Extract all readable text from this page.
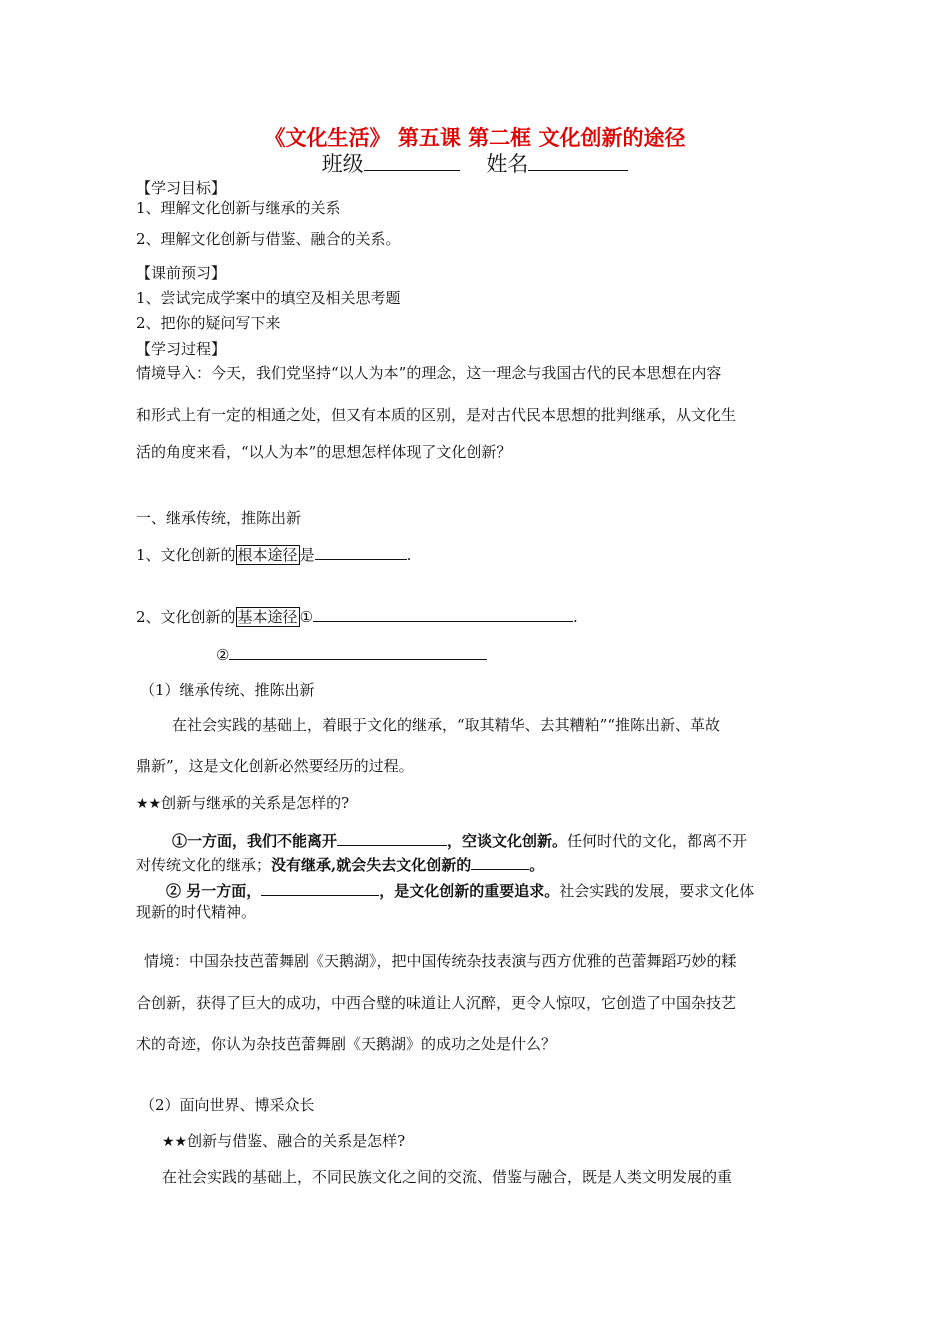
《文化生活》 第五课 第二框 文化创新的途径
班级	姓名
【学习目标】
1、理解文化创新与继承的关系
2、理解文化创新与借鉴、融合的关系。
【课前预习】
1、尝试完成学案中的填空及相关思考题
2、把你的疑问写下来
【学习过程】
情境导入：今天，我们党坚持“以人为本”的理念，这一理念与我国古代的民本思想在内容
和形式上有一定的相通之处，但又有本质的区别，是对古代民本思想的批判继承，从文化生
活的角度来看，“以人为本”的思想怎样体现了文化创新？
一、继承传统，推陈出新
1、文化创新的 根本途径 是	.
2、文化创新的 基本途径 ①	.
②
（1）继承传统、推陈出新
在社会实践的基础上，着眼于文化的继承，“取其精华、去其糟粕”“推陈出新、革故
鼎新”，这是文化创新必然要经历的过程。
★★创新与继承的关系是怎样的?
①一方面，我们不能离开	，空谈文化创新。任何时代的文化，都离不开
对传统文化的继承；没有继承,就会失去文化创新的	。
② 另一方面，	，是文化创新的重要追求。社会实践的发展，要求文化体
现新的时代精神。
情境：中国杂技芭蕾舞剧《天鹅湖》，把中国传统杂技表演与西方优雅的芭蕾舞蹈巧妙的糅
合创新，获得了巨大的成功，中西合璧的味道让人沉醉，更令人惊叹，它创造了中国杂技艺
术的奇迹，你认为杂技芭蕾舞剧《天鹅湖》的成功之处是什么？
（2）面向世界、博采众长
★★创新与借鉴、融合的关系是怎样?
在社会实践的基础上，不同民族文化之间的交流、借鉴与融合，既是人类文明发展的重
